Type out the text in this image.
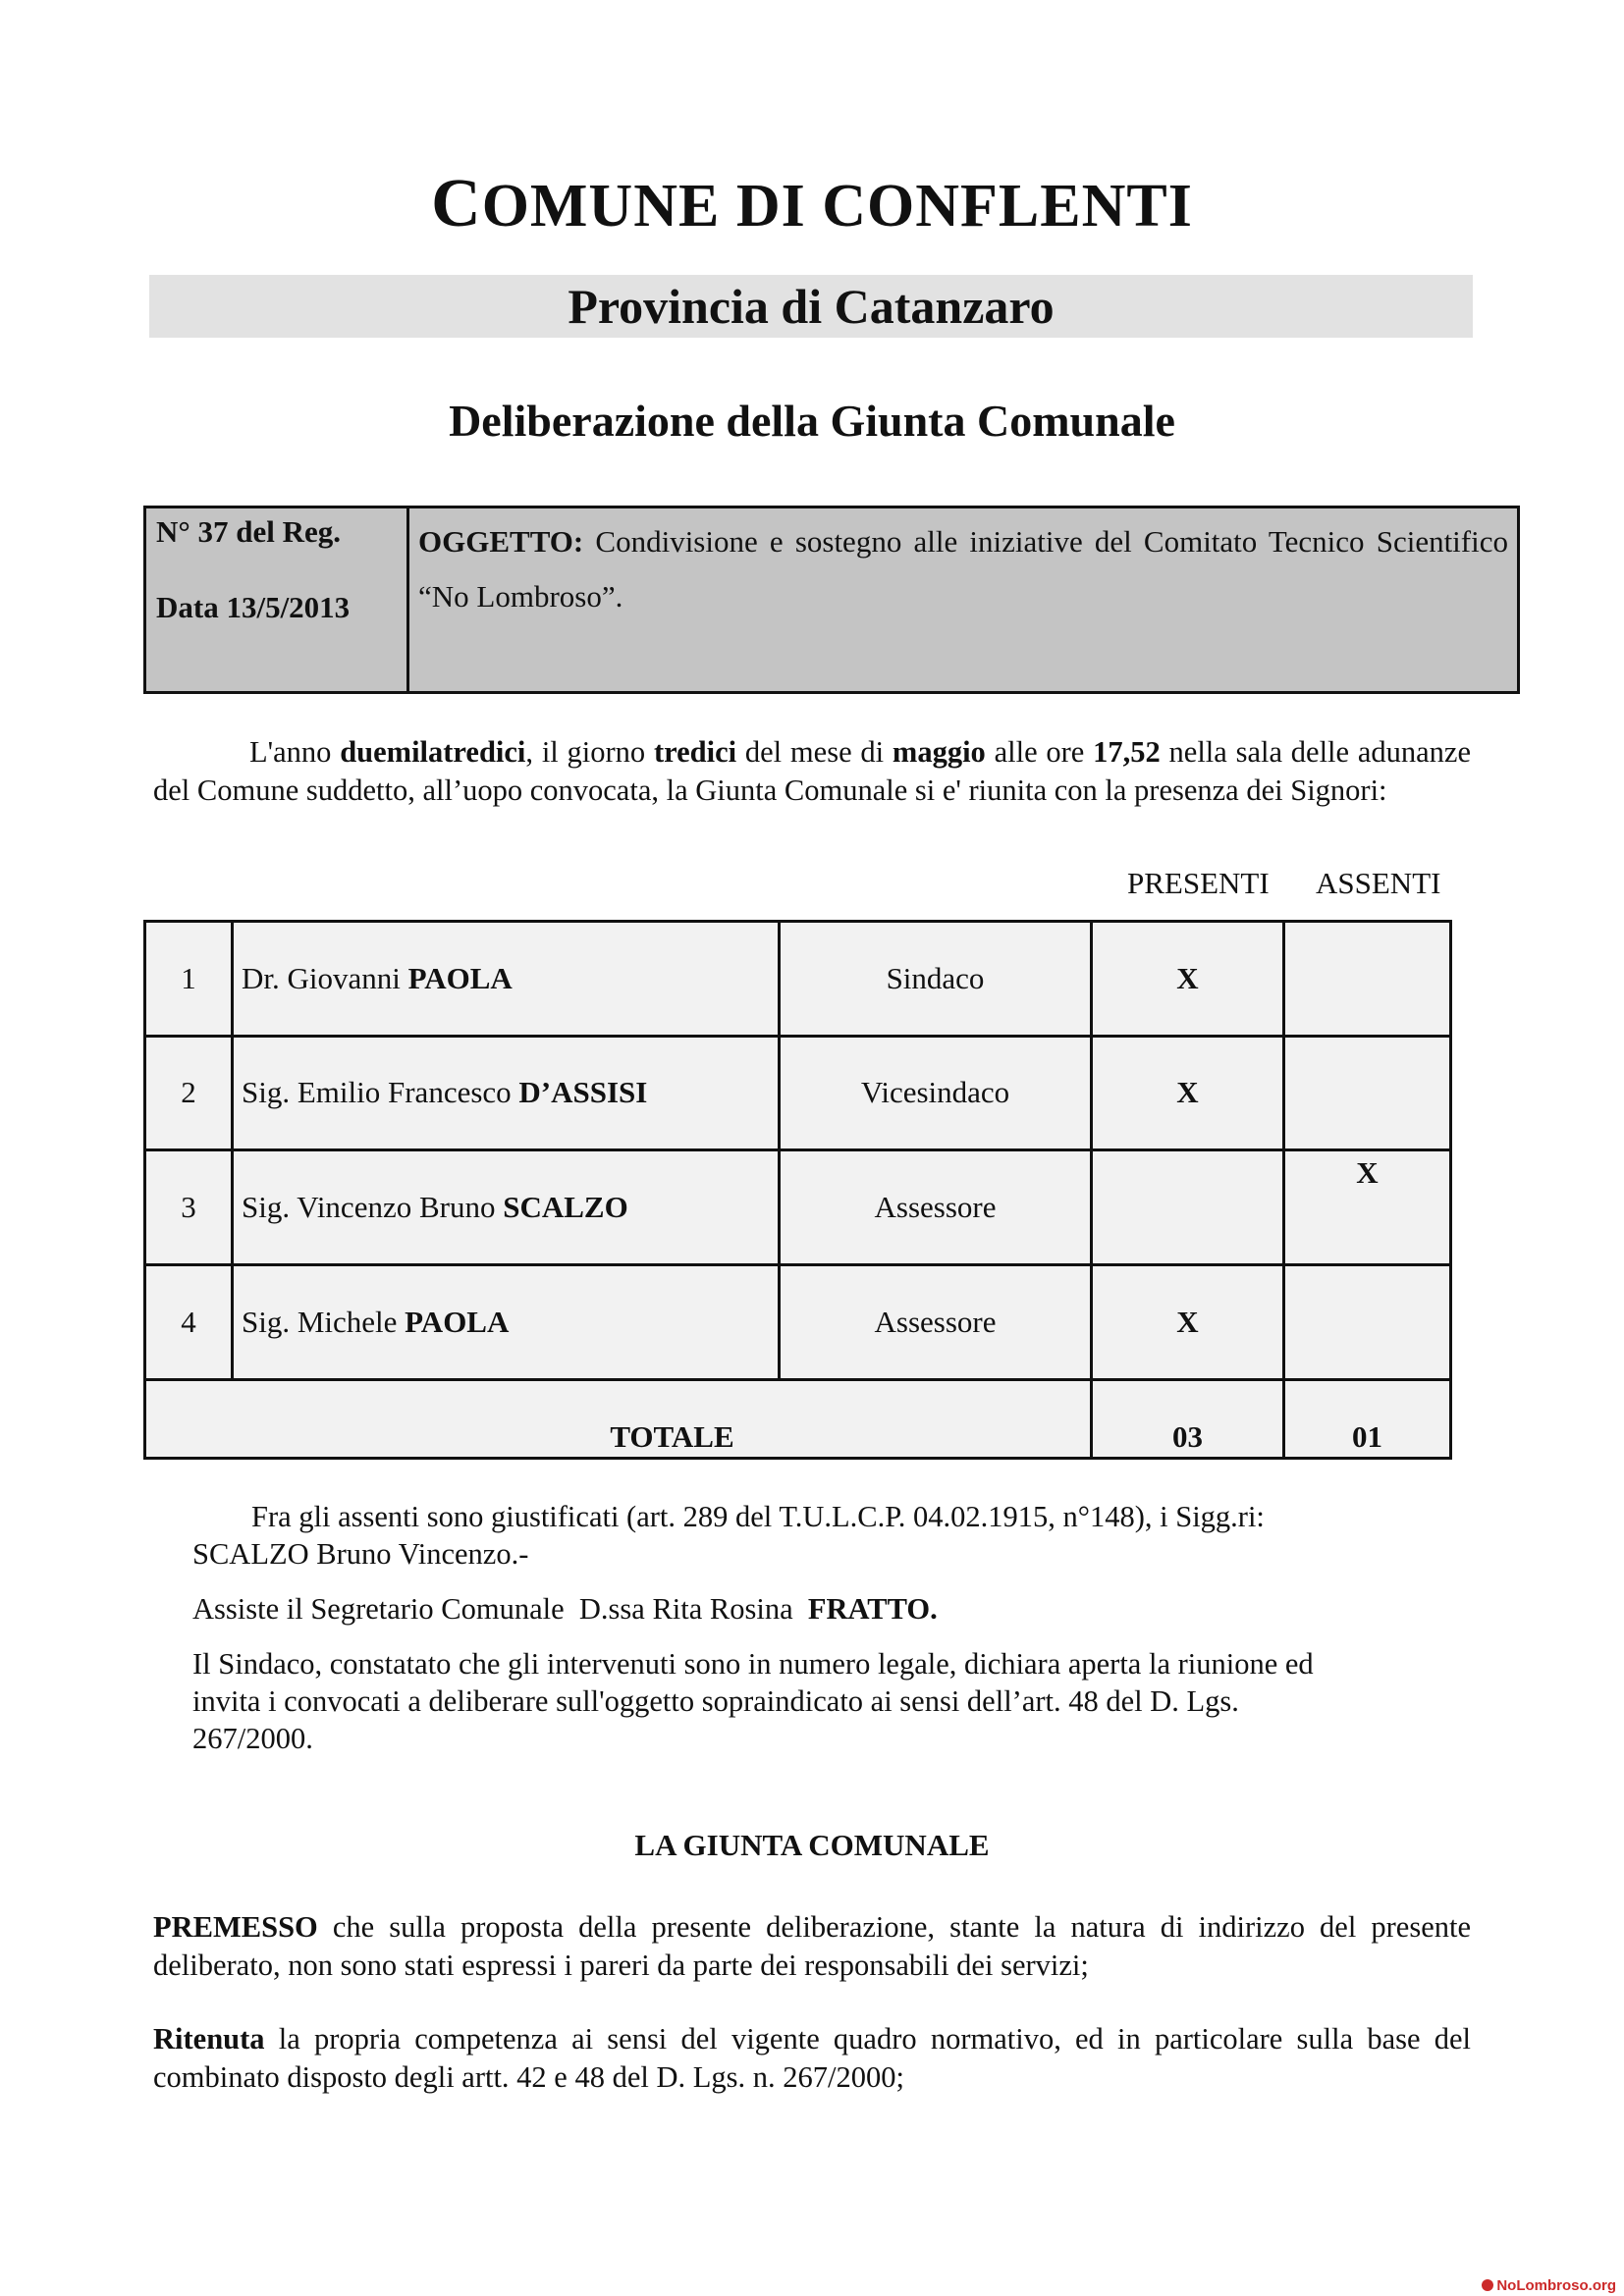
COMUNE DI CONFLENTI
Provincia di Catanzaro
Deliberazione della Giunta Comunale
N° 37 del Reg.
Data 13/5/2013
OGGETTO: Condivisione e sostegno alle iniziative del Comitato Tecnico Scientifico “No Lombroso”.
L'anno duemilatredici, il giorno tredici del mese di maggio alle ore 17,52 nella sala delle adunanze del Comune suddetto, all’uopo convocata, la Giunta Comunale si e' riunita con la presenza dei Signori:
PRESENTI ASSENTI
1	Dr. Giovanni PAOLA	Sindaco	X	
2	Sig. Emilio Francesco D’ASSISI	Vicesindaco	X	
3	Sig. Vincenzo Bruno SCALZO	Assessore		X
4	Sig. Michele PAOLA	Assessore	X	
TOTALE			03	01
Fra gli assenti sono giustificati (art. 289 del T.U.L.C.P. 04.02.1915, n°148), i Sigg.ri:
SCALZO Bruno Vincenzo.-
Assiste il Segretario Comunale  D.ssa Rita Rosina  FRATTO.
Il Sindaco, constatato che gli intervenuti sono in numero legale, dichiara aperta la riunione ed
invita i convocati a deliberare sull'oggetto sopraindicato ai sensi dell’art. 48 del D. Lgs.
267/2000.
LA GIUNTA COMUNALE
PREMESSO che sulla proposta della presente deliberazione, stante la natura di indirizzo del presente deliberato, non sono stati espressi i pareri da parte dei responsabili dei servizi;
Ritenuta la propria competenza ai sensi del vigente quadro normativo, ed in particolare sulla base del combinato disposto degli artt. 42 e 48 del D. Lgs. n. 267/2000;
NoLombroso.org
